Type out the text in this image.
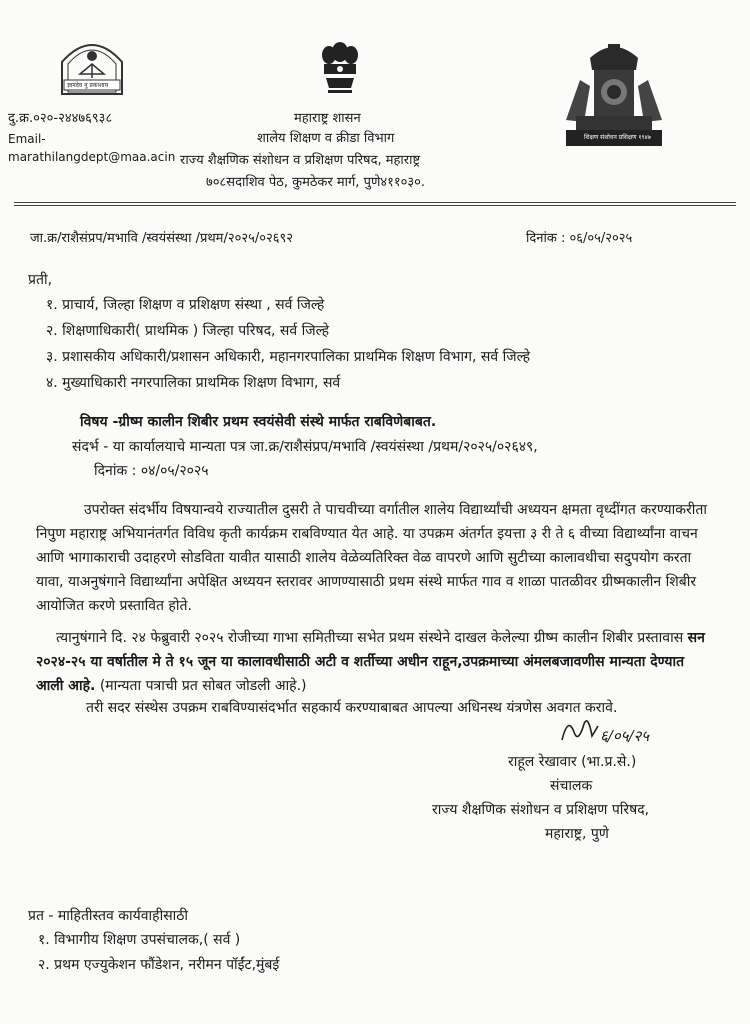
ज्ञानदेव नु प्रकाशाय
शिक्षण संशोधन प्रशिक्षण १९४७
दु.क्र.०२०-२४४७६९३८
Email-
marathilangdept@maa.acin
महाराष्ट्र शासन
शालेय शिक्षण व क्रीडा विभाग
राज्य शैक्षणिक संशोधन व प्रशिक्षण परिषद, महाराष्ट्र
७०८सदाशिव पेठ, कुमठेकर मार्ग, पुणे४११०३०.
जा.क्र/राशैसंप्रप/मभावि /स्वयंसंस्था /प्रथम/२०२५/०२६९२	दिनांक : ०६/०५/२०२५
प्रती,
१. प्राचार्य, जिल्हा शिक्षण व प्रशिक्षण संस्था , सर्व जिल्हे
२. शिक्षणाधिकारी( प्राथमिक ) जिल्हा परिषद, सर्व जिल्हे
३. प्रशासकीय अधिकारी/प्रशासन अधिकारी, महानगरपालिका प्राथमिक शिक्षण विभाग, सर्व जिल्हे
४. मुख्याधिकारी नगरपालिका प्राथमिक शिक्षण विभाग, सर्व
विषय -ग्रीष्म कालीन शिबीर प्रथम स्वयंसेवी संस्थे मार्फत राबविणेबाबत.
संदर्भ - या कार्यालयाचे मान्यता पत्र जा.क्र/राशैसंप्रप/मभावि /स्वयंसंस्था /प्रथम/२०२५/०२६४९,
दिनांक : ०४/०५/२०२५
उपरोक्त संदर्भीय विषयान्वये राज्यातील दुसरी ते पाचवीच्या वर्गातील शालेय विद्यार्थ्यांची अध्ययन क्षमता वृध्दींगत करण्याकरीता निपुण महाराष्ट्र अभियानंतर्गत विविध कृती कार्यक्रम राबविण्यात येत आहे. या उपक्रम अंतर्गत इयत्ता ३ री ते ६ वीच्या विद्यार्थ्यांना वाचन आणि भागाकाराची उदाहरणे सोडविता यावीत यासाठी शालेय वेळेव्यतिरिक्त वेळ वापरणे आणि सुटीच्या कालावधीचा सदुपयोग करता यावा, याअनुषंगाने विद्यार्थ्यांना अपेक्षित अध्ययन स्तरावर आणण्यासाठी प्रथम संस्थे मार्फत गाव व शाळा पातळीवर ग्रीष्मकालीन शिबीर आयोजित करणे प्रस्तावित होते.
त्यानुषंगाने दि. २४ फेब्रुवारी २०२५ रोजीच्या गाभा समितीच्या सभेत प्रथम संस्थेने दाखल केलेल्या ग्रीष्म कालीन शिबीर प्रस्तावास सन २०२४-२५ या वर्षातील मे ते १५ जून या कालावधीसाठी अटी व शर्तीच्या अधीन राहून,उपक्रमाच्या अंमलबजावणीस मान्यता देण्यात आली आहे. (मान्यता पत्राची प्रत सोबत जोडली आहे.)
तरी सदर संस्थेस उपक्रम राबविण्यासंदर्भात सहकार्य करण्याबाबत आपल्या अधिनस्थ यंत्रणेस अवगत करावे.
६/०५/२५
राहूल रेखावार (भा.प्र.से.)
संचालक
राज्य शैक्षणिक संशोधन व प्रशिक्षण परिषद,
महाराष्ट्र, पुणे
प्रत - माहितीस्तव कार्यवाहीसाठी
१. विभागीय शिक्षण उपसंचालक,( सर्व )
२. प्रथम एज्युकेशन फौंडेशन, नरीमन पॉईंट,मुंबई
